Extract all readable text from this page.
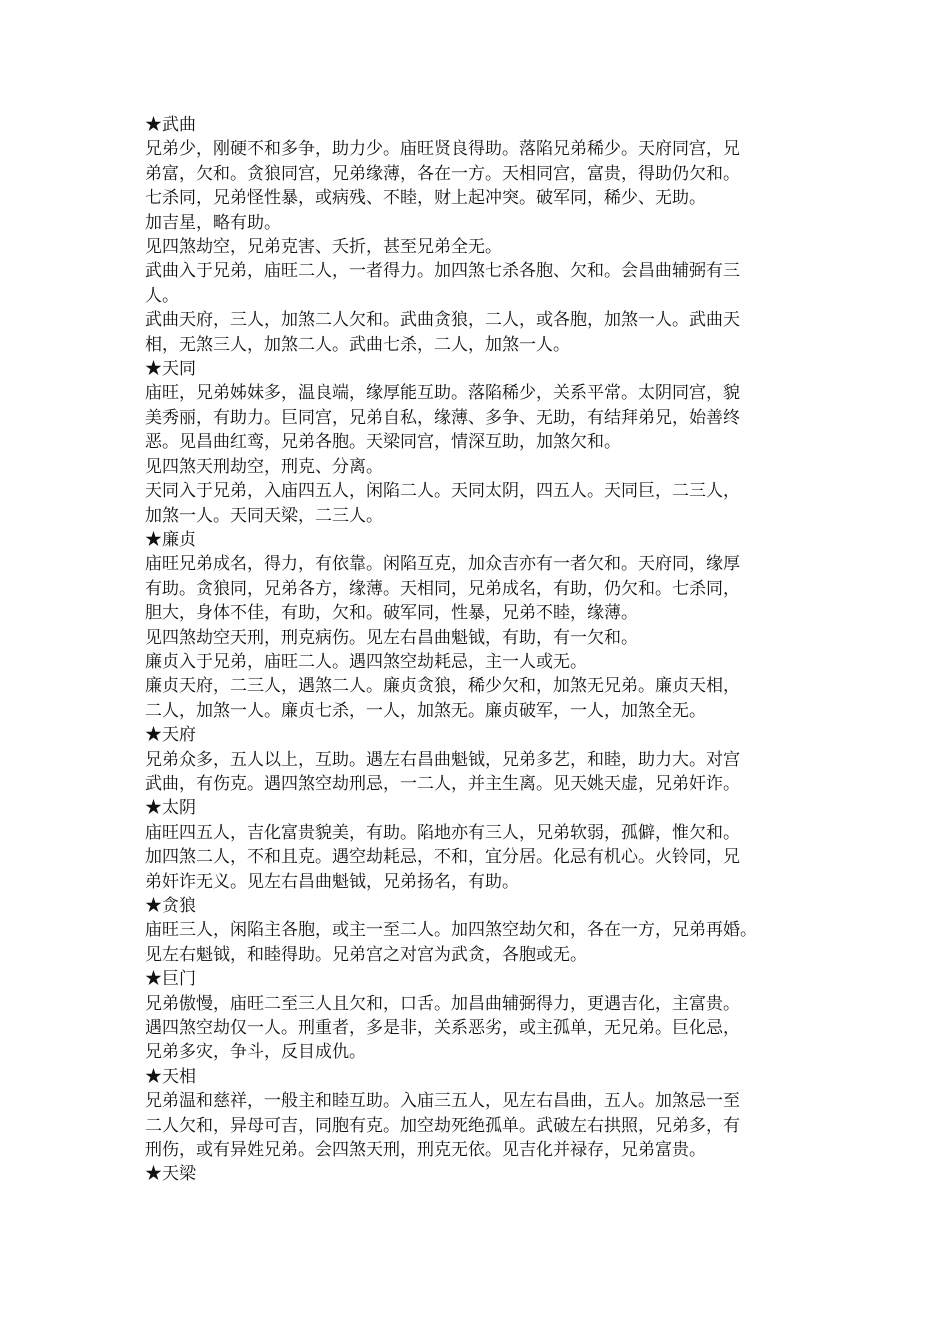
★武曲

兄弟少，刚硬不和多争，助力少。庙旺贤良得助。落陷兄弟稀少。天府同宫，兄
弟富，欠和。贪狼同宫，兄弟缘薄，各在一方。天相同宫，富贵，得助仍欠和。
七杀同，兄弟怪性暴，或病残、不睦，财上起冲突。破军同，稀少、无助。

加吉星，略有助。

见四煞劫空，兄弟克害、夭折，甚至兄弟全无。

武曲入于兄弟，庙旺二人，一者得力。加四煞七杀各胞、欠和。会昌曲辅弼有三
人。

武曲天府，三人，加煞二人欠和。武曲贪狼，二人，或各胞，加煞一人。武曲天
相，无煞三人，加煞二人。武曲七杀，二人，加煞一人。

★天同

庙旺，兄弟姊妹多，温良端，缘厚能互助。落陷稀少，关系平常。太阴同宫，貌
美秀丽，有助力。巨同宫，兄弟自私，缘薄、多争、无助，有结拜弟兄，始善终
恶。见昌曲红鸾，兄弟各胞。天梁同宫，情深互助，加煞欠和。

见四煞天刑劫空，刑克、分离。

天同入于兄弟，入庙四五人，闲陷二人。天同太阴，四五人。天同巨，二三人，
加煞一人。天同天梁，二三人。

★廉贞

庙旺兄弟成名，得力，有依靠。闲陷互克，加众吉亦有一者欠和。天府同，缘厚
有助。贪狼同，兄弟各方，缘薄。天相同，兄弟成名，有助，仍欠和。七杀同，
胆大，身体不佳，有助，欠和。破军同，性暴，兄弟不睦，缘薄。

见四煞劫空天刑，刑克病伤。见左右昌曲魁钺，有助，有一欠和。

廉贞入于兄弟，庙旺二人。遇四煞空劫耗忌，主一人或无。

廉贞天府，二三人，遇煞二人。廉贞贪狼，稀少欠和，加煞无兄弟。廉贞天相，
二人，加煞一人。廉贞七杀，一人，加煞无。廉贞破军，一人，加煞全无。

★天府

兄弟众多，五人以上，互助。遇左右昌曲魁钺，兄弟多艺，和睦，助力大。对宫
武曲，有伤克。遇四煞空劫刑忌，一二人，并主生离。见天姚天虚，兄弟奸诈。

★太阴

庙旺四五人，吉化富贵貌美，有助。陷地亦有三人，兄弟软弱，孤僻，惟欠和。
加四煞二人，不和且克。遇空劫耗忌，不和，宜分居。化忌有机心。火铃同，兄
弟奸诈无义。见左右昌曲魁钺，兄弟扬名，有助。

★贪狼

庙旺三人，闲陷主各胞，或主一至二人。加四煞空劫欠和，各在一方，兄弟再婚。
见左右魁钺，和睦得助。兄弟宫之对宫为武贪，各胞或无。

★巨门

兄弟傲慢，庙旺二至三人且欠和，口舌。加昌曲辅弼得力，更遇吉化，主富贵。
遇四煞空劫仅一人。刑重者，多是非，关系恶劣，或主孤单，无兄弟。巨化忌，
兄弟多灾，争斗，反目成仇。

★天相

兄弟温和慈祥，一般主和睦互助。入庙三五人，见左右昌曲，五人。加煞忌一至
二人欠和，异母可吉，同胞有克。加空劫死绝孤单。武破左右拱照，兄弟多，有
刑伤，或有异姓兄弟。会四煞天刑，刑克无依。见吉化并禄存，兄弟富贵。

★天梁
